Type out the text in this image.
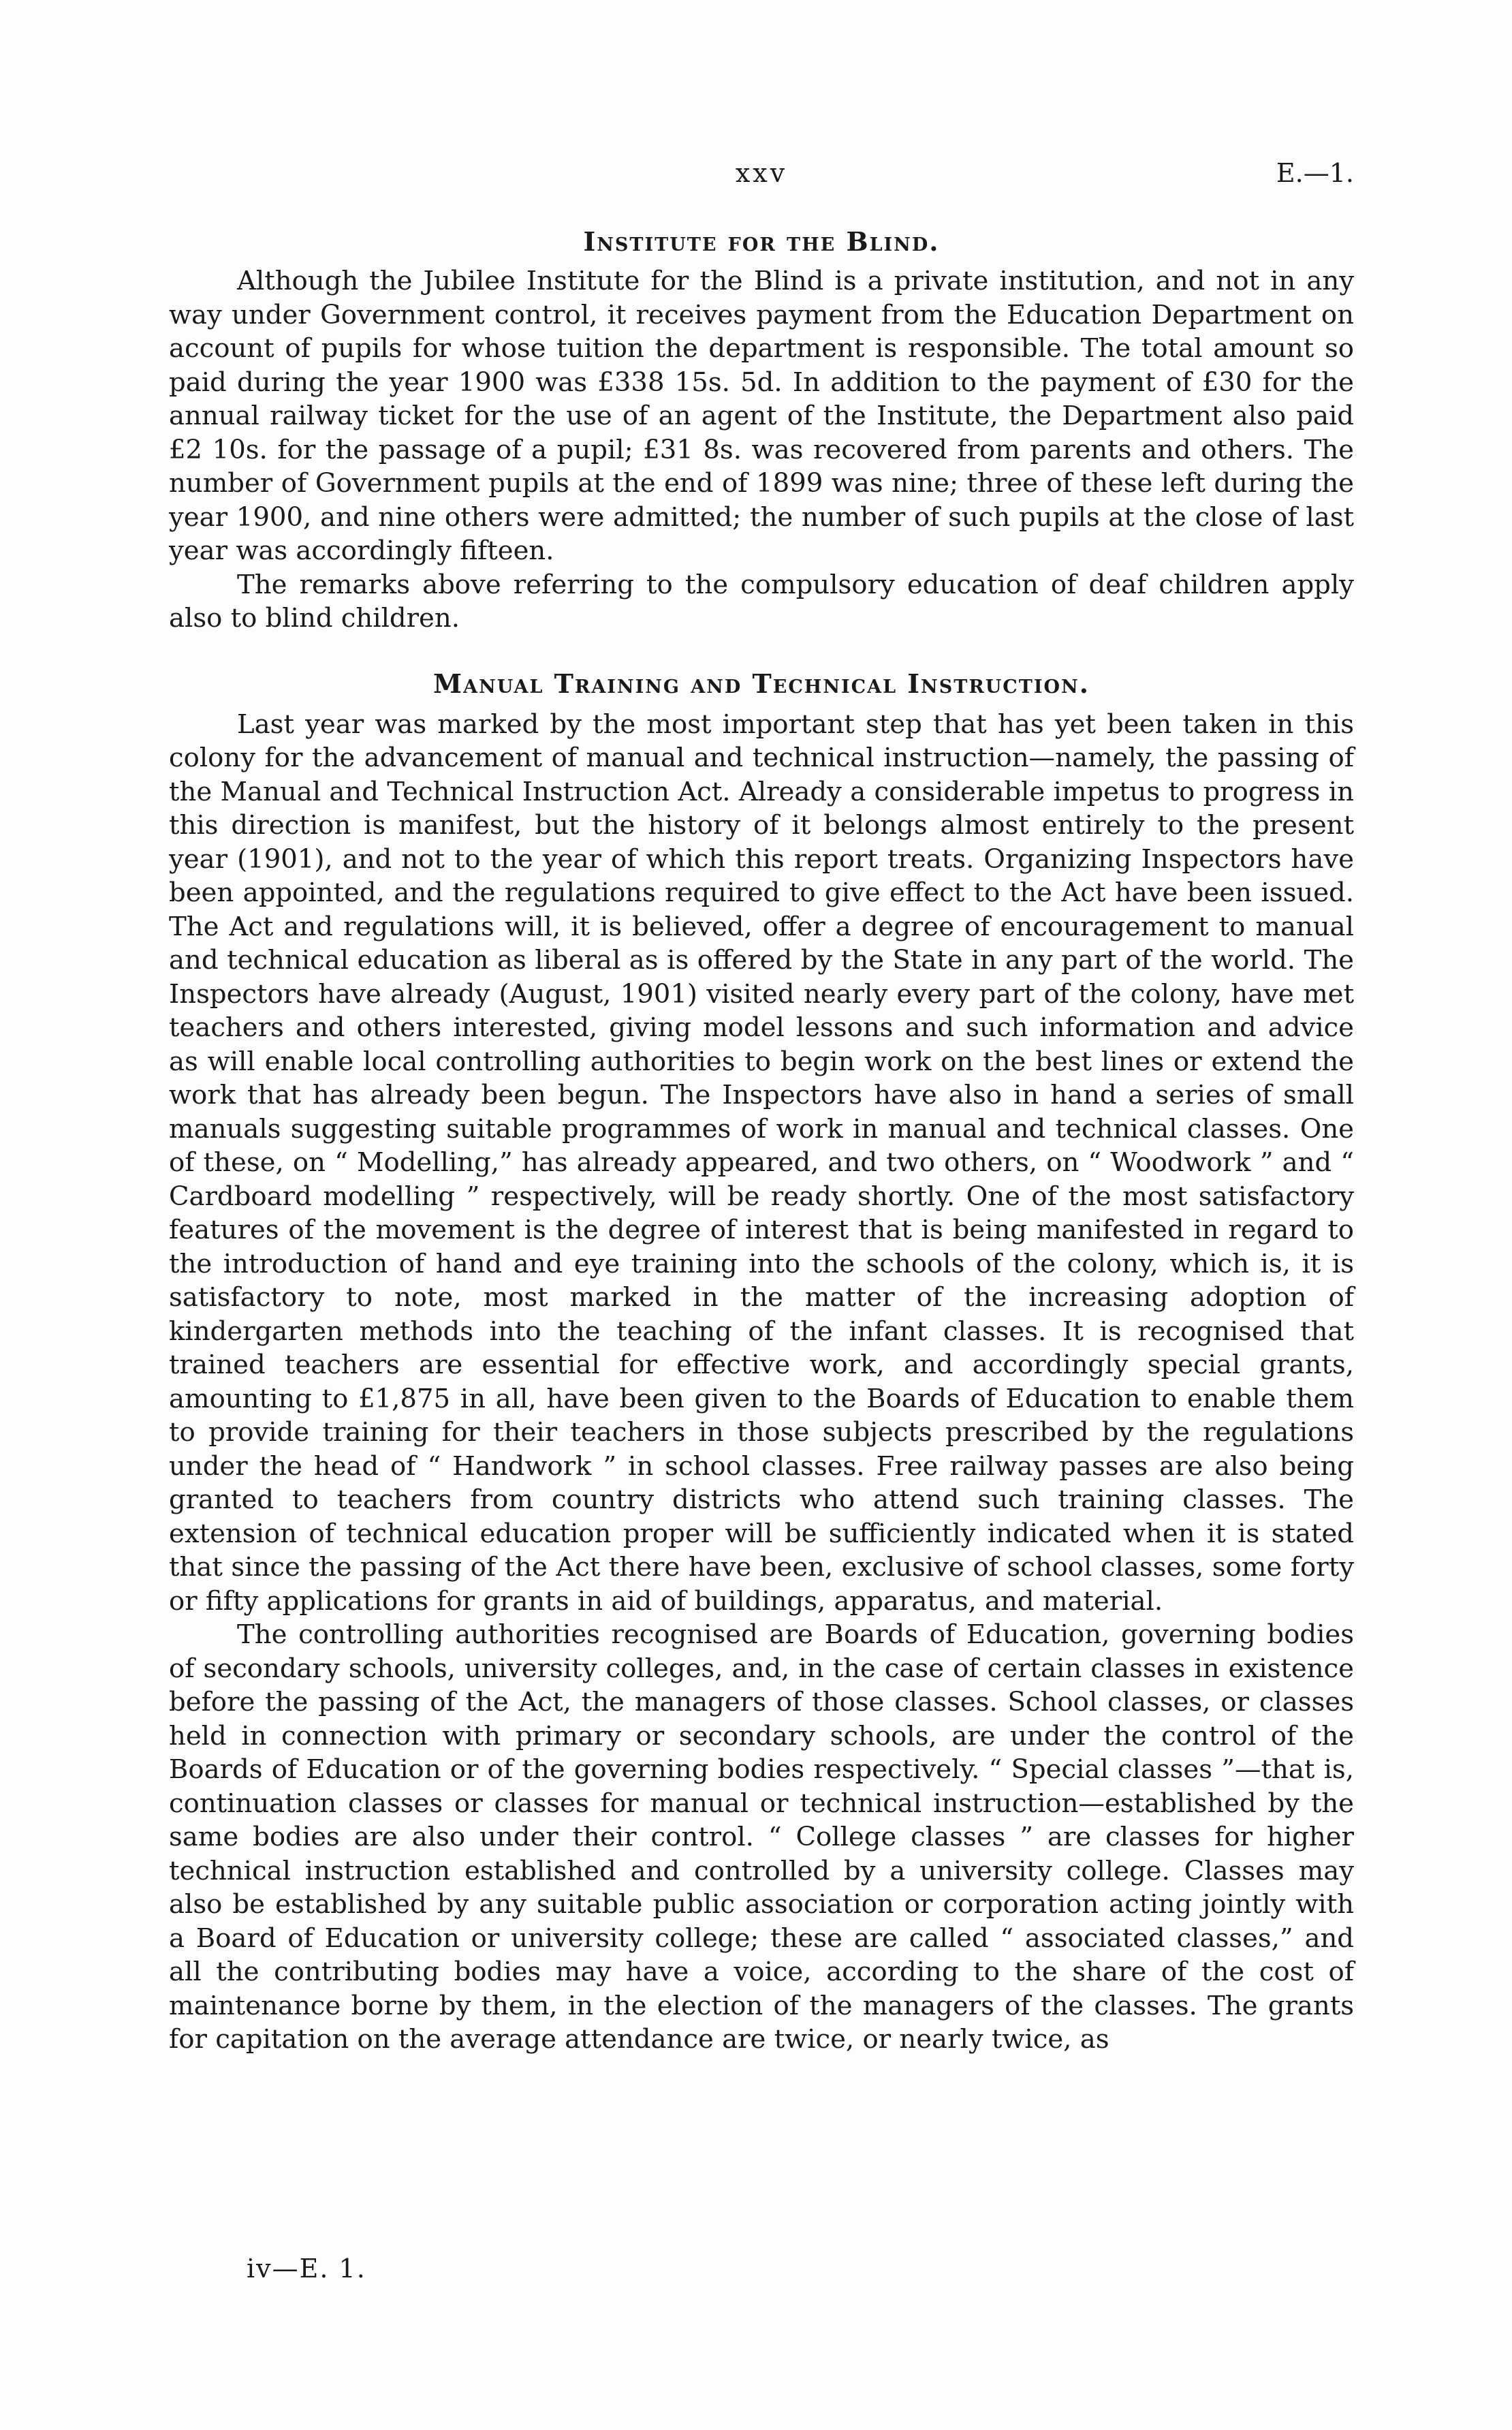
xxv	E.—1.
Institute for the Blind.

Although the Jubilee Institute for the Blind is a private institution, and not in any way under Government control, it receives payment from the Education Department on account of pupils for whose tuition the department is responsible. The total amount so paid during the year 1900 was £338 15s. 5d. In addition to the payment of £30 for the annual railway ticket for the use of an agent of the Institute, the Department also paid £2 10s. for the passage of a pupil; £31 8s. was recovered from parents and others. The number of Government pupils at the end of 1899 was nine; three of these left during the year 1900, and nine others were admitted; the number of such pupils at the close of last year was accordingly fifteen.

The remarks above referring to the compulsory education of deaf children apply also to blind children.

Manual Training and Technical Instruction.

Last year was marked by the most important step that has yet been taken in this colony for the advancement of manual and technical instruction—namely, the passing of the Manual and Technical Instruction Act. Already a considerable impetus to progress in this direction is manifest, but the history of it belongs almost entirely to the present year (1901), and not to the year of which this report treats. Organizing Inspectors have been appointed, and the regulations required to give effect to the Act have been issued. The Act and regulations will, it is believed, offer a degree of encouragement to manual and technical education as liberal as is offered by the State in any part of the world. The Inspectors have already (August, 1901) visited nearly every part of the colony, have met teachers and others interested, giving model lessons and such information and advice as will enable local controlling authorities to begin work on the best lines or extend the work that has already been begun. The Inspectors have also in hand a series of small manuals suggesting suitable programmes of work in manual and technical classes. One of these, on “ Modelling,” has already appeared, and two others, on “ Woodwork ” and “ Cardboard modelling ” respectively, will be ready shortly. One of the most satisfactory features of the movement is the degree of interest that is being manifested in regard to the introduction of hand and eye training into the schools of the colony, which is, it is satisfactory to note, most marked in the matter of the increasing adoption of kindergarten methods into the teaching of the infant classes. It is recognised that trained teachers are essential for effective work, and accordingly special grants, amounting to £1,875 in all, have been given to the Boards of Education to enable them to provide training for their teachers in those subjects prescribed by the regulations under the head of “ Handwork ” in school classes. Free railway passes are also being granted to teachers from country districts who attend such training classes. The extension of technical education proper will be sufficiently indicated when it is stated that since the passing of the Act there have been, exclusive of school classes, some forty or fifty applications for grants in aid of buildings, apparatus, and material.

The controlling authorities recognised are Boards of Education, governing bodies of secondary schools, university colleges, and, in the case of certain classes in existence before the passing of the Act, the managers of those classes. School classes, or classes held in connection with primary or secondary schools, are under the control of the Boards of Education or of the governing bodies respectively. “ Special classes ”—that is, continuation classes or classes for manual or technical instruction—established by the same bodies are also under their control. “ College classes ” are classes for higher technical instruction established and controlled by a university college. Classes may also be established by any suitable public association or corporation acting jointly with a Board of Education or university college; these are called “ associated classes,” and all the contributing bodies may have a voice, according to the share of the cost of maintenance borne by them, in the election of the managers of the classes. The grants for capitation on the average attendance are twice, or nearly twice, as

iv—E. 1.
